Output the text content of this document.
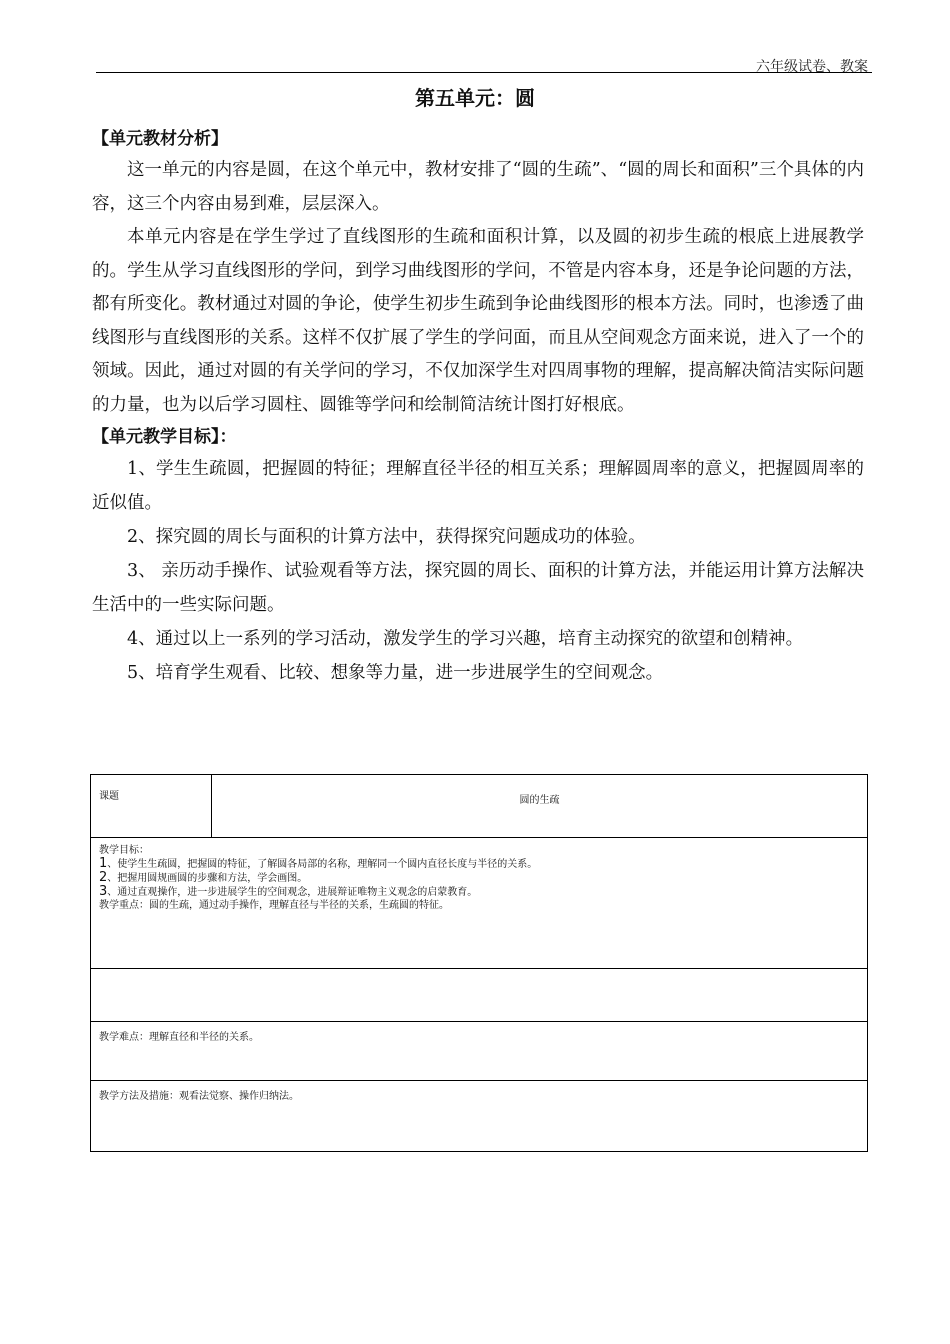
六年级试卷、教案
第五单元：圆
【单元教材分析】

这一单元的内容是圆，在这个单元中，教材安排了“圆的生疏”、“圆的周长和面积”三个具体的内容，这三个内容由易到难，层层深入。

本单元内容是在学生学过了直线图形的生疏和面积计算，以及圆的初步生疏的根底上进展教学的。学生从学习直线图形的学问，到学习曲线图形的学问，不管是内容本身，还是争论问题的方法，都有所变化。教材通过对圆的争论，使学生初步生疏到争论曲线图形的根本方法。同时，也渗透了曲线图形与直线图形的关系。这样不仅扩展了学生的学问面，而且从空间观念方面来说，进入了一个的领域。因此，通过对圆的有关学问的学习，不仅加深学生对四周事物的理解，提高解决简洁实际问题的力量，也为以后学习圆柱、圆锥等学问和绘制简洁统计图打好根底。

【单元教学目标】：

1、学生生疏圆，把握圆的特征；理解直径半径的相互关系；理解圆周率的意义，把握圆周率的近似值。

2、探究圆的周长与面积的计算方法中，获得探究问题成功的体验。

3、 亲历动手操作、试验观看等方法，探究圆的周长、面积的计算方法，并能运用计算方法解决生活中的一些实际问题。

4、通过以上一系列的学习活动，激发学生的学习兴趣，培育主动探究的欲望和创精神。

5、培育学生观看、比较、想象等力量，进一步进展学生的空间观念。

课题	圆的生疏

教学目标：
1、使学生生疏圆，把握圆的特征，了解圆各局部的名称，理解同一个圆内直径长度与半径的关系。
2、把握用圆规画圆的步骤和方法，学会画图。
3、通过直观操作，进一步进展学生的空间观念，进展辩证唯物主义观念的启蒙教育。
教学重点：圆的生疏，通过动手操作，理解直径与半径的关系，生疏圆的特征。

教学难点：理解直径和半径的关系。
教学方法及措施：观看法觉察、操作归纳法。
